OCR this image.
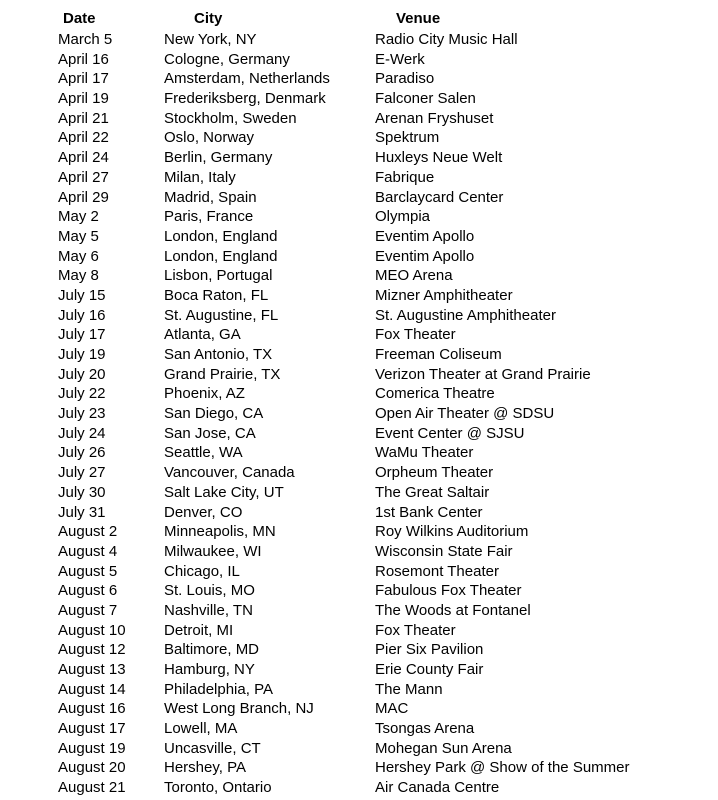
Date	City	Venue
March 5	New York, NY	Radio City Music Hall
April 16	Cologne, Germany	E-Werk
April 17	Amsterdam, Netherlands	Paradiso
April 19	Frederiksberg, Denmark	Falconer Salen
April 21	Stockholm, Sweden	Arenan Fryshuset
April 22	Oslo, Norway	Spektrum
April 24	Berlin, Germany	Huxleys Neue Welt
April 27	Milan, Italy	Fabrique
April 29	Madrid, Spain	Barclaycard Center
May 2	Paris, France	Olympia
May 5	London, England	Eventim Apollo
May 6	London, England	Eventim Apollo
May 8	Lisbon, Portugal	MEO Arena
July 15	Boca Raton, FL	Mizner Amphitheater
July 16	St. Augustine, FL	St. Augustine Amphitheater
July 17	Atlanta, GA	Fox Theater
July 19	San Antonio, TX	Freeman Coliseum
July 20	Grand Prairie, TX	Verizon Theater at Grand Prairie
July 22	Phoenix, AZ	Comerica Theatre
July 23	San Diego, CA	Open Air Theater @ SDSU
July 24	San Jose, CA	Event Center @ SJSU
July 26	Seattle, WA	WaMu Theater
July 27	Vancouver, Canada	Orpheum Theater
July 30	Salt Lake City, UT	The Great Saltair
July 31	Denver, CO	1st Bank Center
August 2	Minneapolis, MN	Roy Wilkins Auditorium
August 4	Milwaukee, WI	Wisconsin State Fair
August 5	Chicago, IL	Rosemont Theater
August 6	St. Louis, MO	Fabulous Fox Theater
August 7	Nashville, TN	The Woods at Fontanel
August 10	Detroit, MI	Fox Theater
August 12	Baltimore, MD	Pier Six Pavilion
August 13	Hamburg, NY	Erie County Fair
August 14	Philadelphia, PA	The Mann
August 16	West Long Branch, NJ	MAC
August 17	Lowell, MA	Tsongas Arena
August 19	Uncasville, CT	Mohegan Sun Arena
August 20	Hershey, PA	Hershey Park @ Show of the Summer
August 21	Toronto, Ontario	Air Canada Centre
